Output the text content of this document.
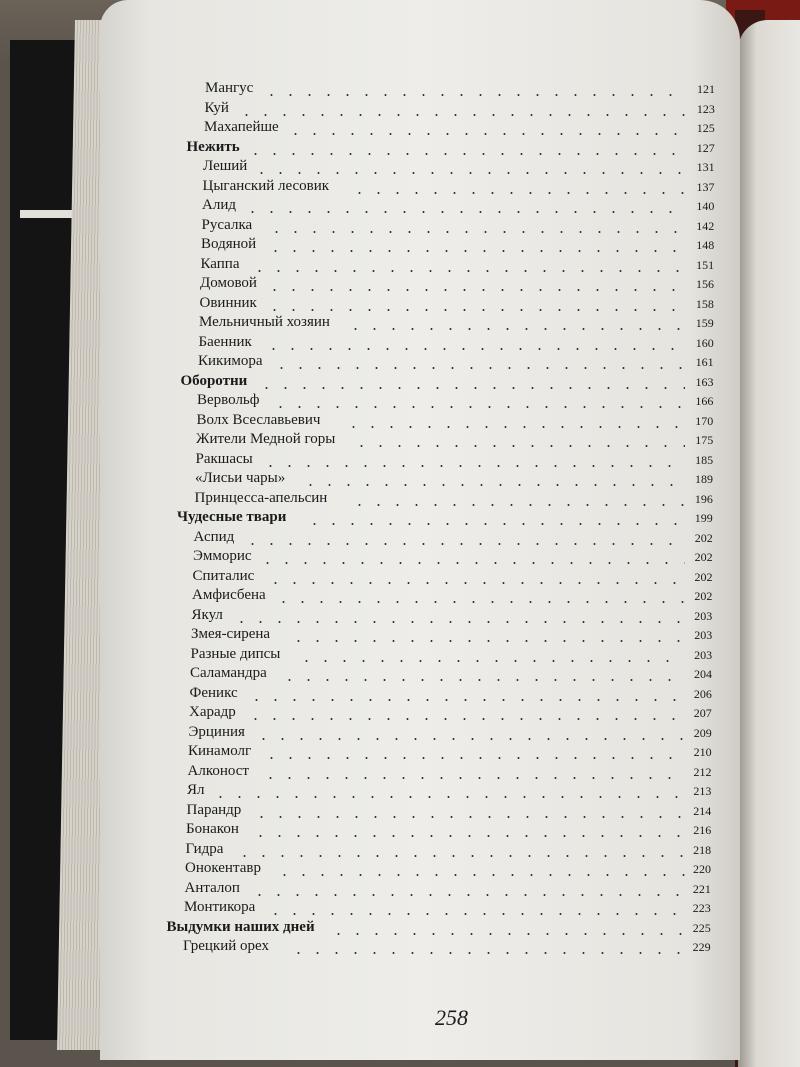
Мангус	121
Куй	123
Махапейше	125
Нежить	127
Леший	131
Цыганский лесовик	137
Алид	140
Русалка	142
Водяной	148
Каппа	151
Домовой	156
Овинник	158
Мельничный хозяин	159
Баенник	160
Кикимора	161
Оборотни	163
Вервольф	166
Волх Всеславьевич	170
Жители Медной горы	175
Ракшасы	185
«Лисьи чары»	189
Принцесса-апельсин	196
Чудесные твари	199
Аспид	202
Эмморис	202
Спиталис	202
Амфисбена	202
Якул	203
Змея-сирена	203
Разные дипсы	203
Саламандра	204
Феникс	206
Харадр	207
Эрциния	209
Кинамолг	210
Алконост	212
Ял	213
Парандр	214
Бонакон	216
Гидра	218
Онокентавр	220
Анталоп	221
Монтикора	223
Выдумки наших дней	225
Грецкий орех	229
258
